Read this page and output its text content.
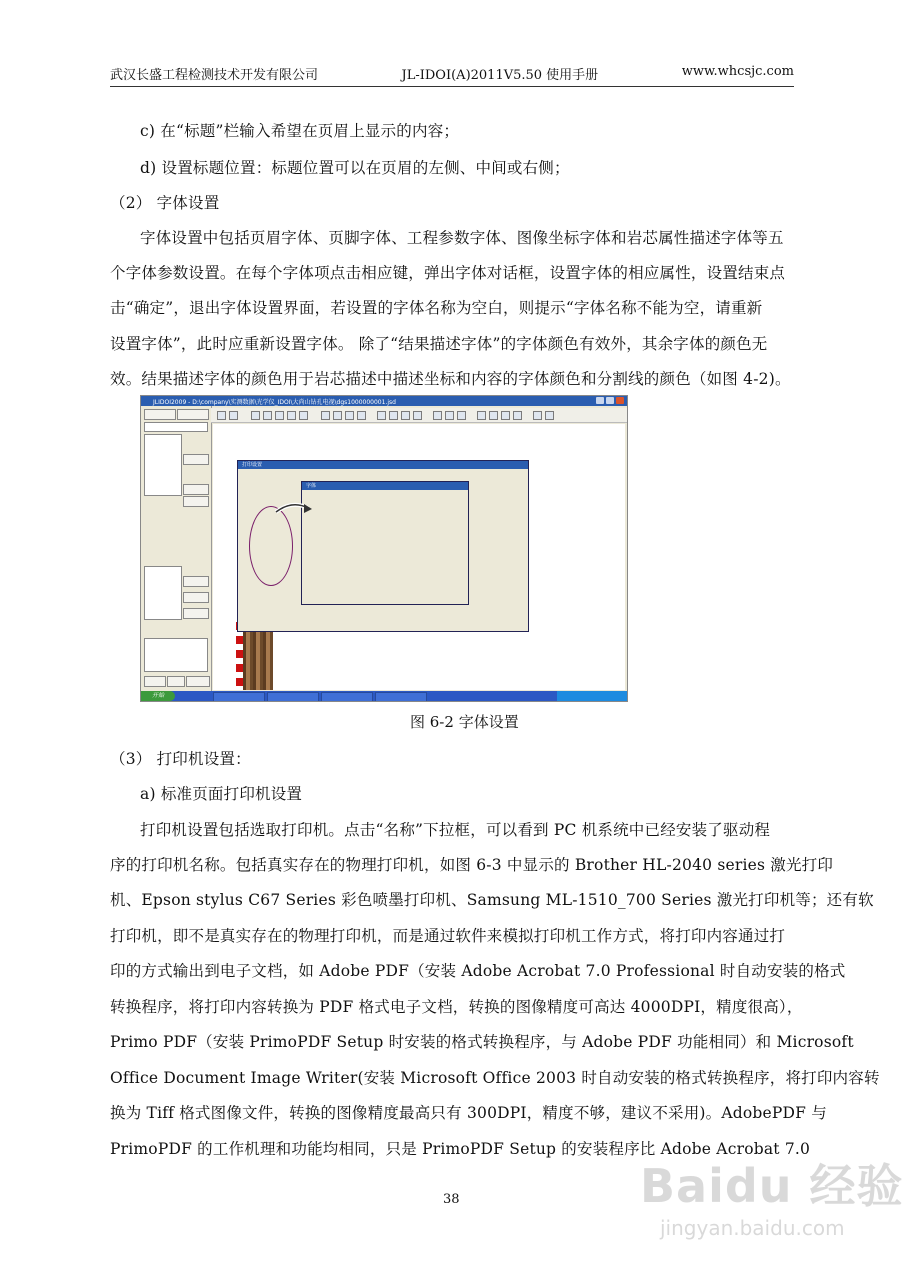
武汉长盛工程检测技术开发有限公司	JL-IDOI(A)2011V5.50 使用手册	www.whcsjc.com
c) 在“标题”栏输入希望在页眉上显示的内容；
d) 设置标题位置：标题位置可以在页眉的左侧、中间或右侧；
（2） 字体设置
字体设置中包括页眉字体、页脚字体、工程参数字体、图像坐标字体和岩芯属性描述字体等五
个字体参数设置。在每个字体项点击相应键，弹出字体对话框，设置字体的相应属性，设置结束点
击“确定”，退出字体设置界面，若设置的字体名称为空白，则提示“字体名称不能为空，请重新
设置字体”，此时应重新设置字体。 除了“结果描述字体”的字体颜色有效外，其余字体的颜色无
效。结果描述字体的颜色用于岩芯描述中描述坐标和内容的字体颜色和分割线的颜色（如图 4-2)。
JLIDOI2009 - D:\company\实测数据\光学仪_IDOI\大尚山钻孔电视\dgs1000000001.jsd
打印设置
字体
开始
图 6-2 字体设置
（3） 打印机设置：
a) 标准页面打印机设置
打印机设置包括选取打印机。点击“名称”下拉框，可以看到 PC 机系统中已经安装了驱动程
序的打印机名称。包括真实存在的物理打印机，如图 6-3 中显示的 Brother HL-2040 series 激光打印
机、Epson stylus C67 Series 彩色喷墨打印机、Samsung ML-1510_700 Series 激光打印机等；还有软
打印机，即不是真实存在的物理打印机，而是通过软件来模拟打印机工作方式，将打印内容通过打
印的方式输出到电子文档，如 Adobe PDF（安装 Adobe Acrobat 7.0 Professional 时自动安装的格式
转换程序，将打印内容转换为 PDF 格式电子文档，转换的图像精度可高达 4000DPI，精度很高），
Primo PDF（安装 PrimoPDF Setup 时安装的格式转换程序，与 Adobe PDF 功能相同）和 Microsoft
Office Document Image Writer(安装 Microsoft Office 2003 时自动安装的格式转换程序，将打印内容转
换为 Tiff 格式图像文件，转换的图像精度最高只有 300DPI，精度不够，建议不采用)。AdobePDF 与
PrimoPDF 的工作机理和功能均相同，只是 PrimoPDF Setup 的安装程序比 Adobe Acrobat 7.0
38	Baidu 经验
jingyan.baidu.com
